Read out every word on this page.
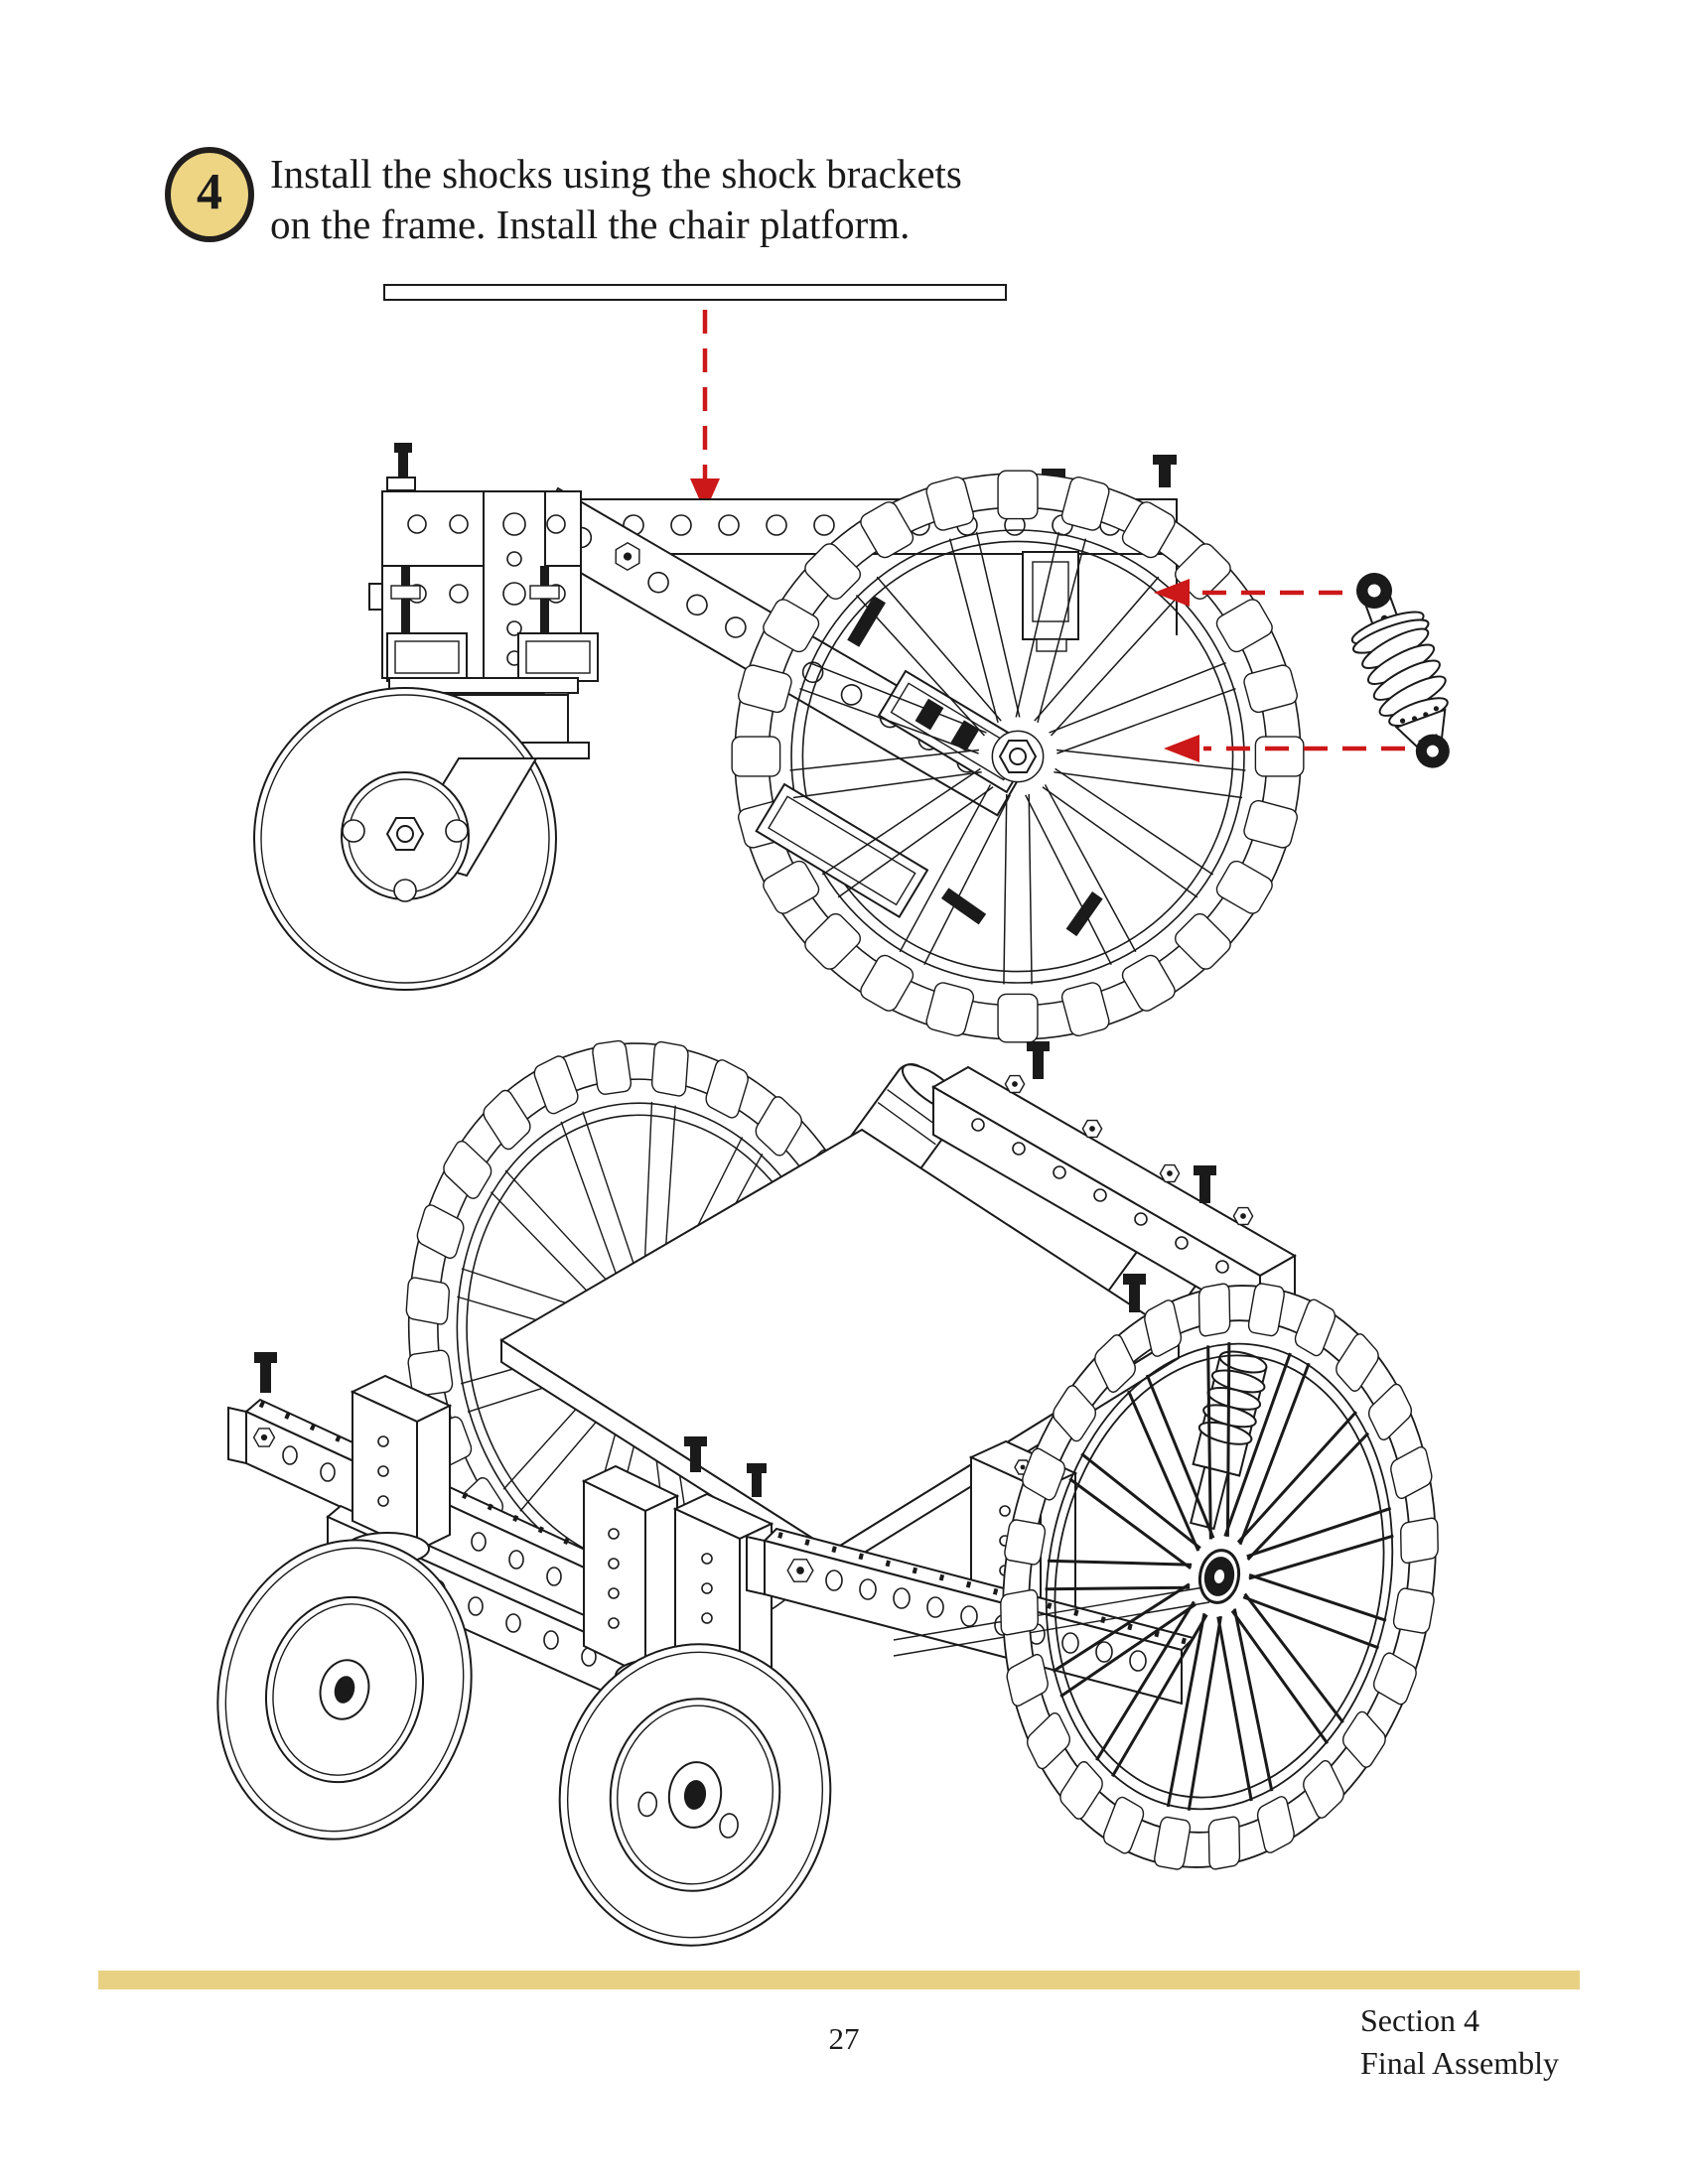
4 Install the shocks using the shock brackets
on the frame. Install the chair platform.
27
Section 4
Final Assembly
